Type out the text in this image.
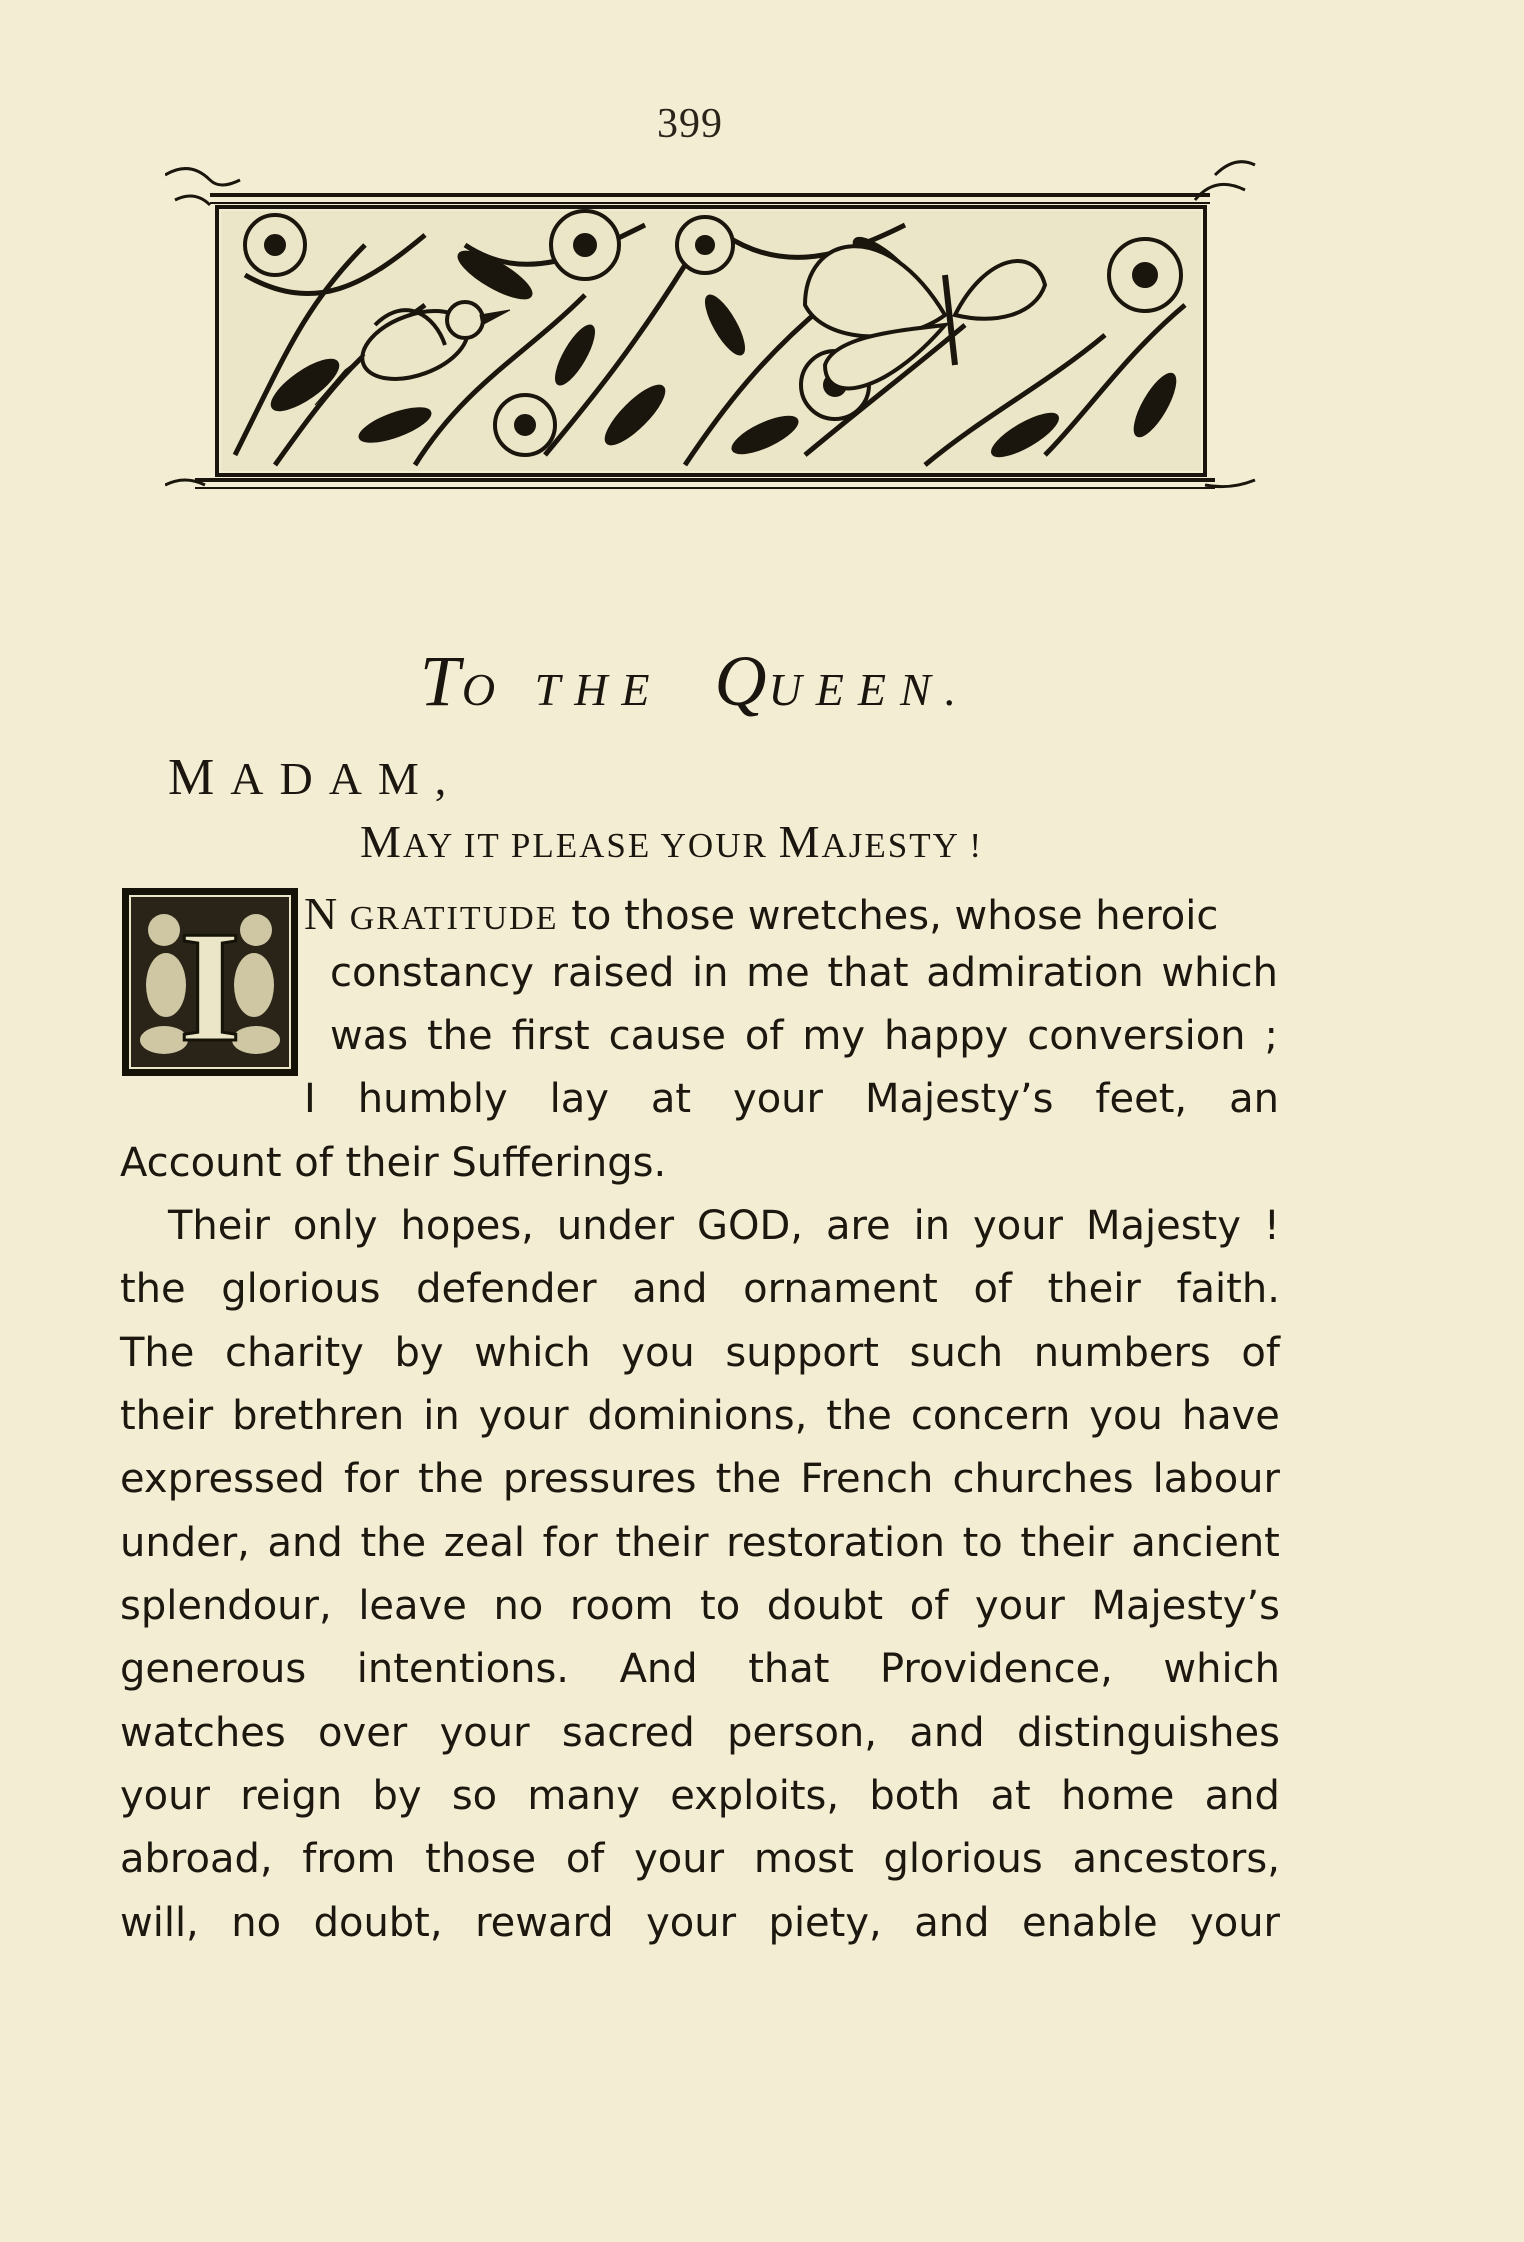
399
TO THE QUEEN.
MADAM,
MAY IT PLEASE YOUR MAJESTY !
I N GRATITUDE to those wretches, whose heroic
constancy raised in me that admiration which
was the first cause of my happy conversion ;
I humbly lay at your Majesty’s feet, an
Account of their Sufferings.
Their only hopes, under GOD, are in your Majesty !
the glorious defender and ornament of their faith.
The charity by which you support such numbers of
their brethren in your dominions, the concern you have
expressed for the pressures the French churches labour
under, and the zeal for their restoration to their ancient
splendour, leave no room to doubt of your Majesty’s
generous intentions. And that Providence, which
watches over your sacred person, and distinguishes
your reign by so many exploits, both at home and
abroad, from those of your most glorious ancestors,
will, no doubt, reward your piety, and enable your
